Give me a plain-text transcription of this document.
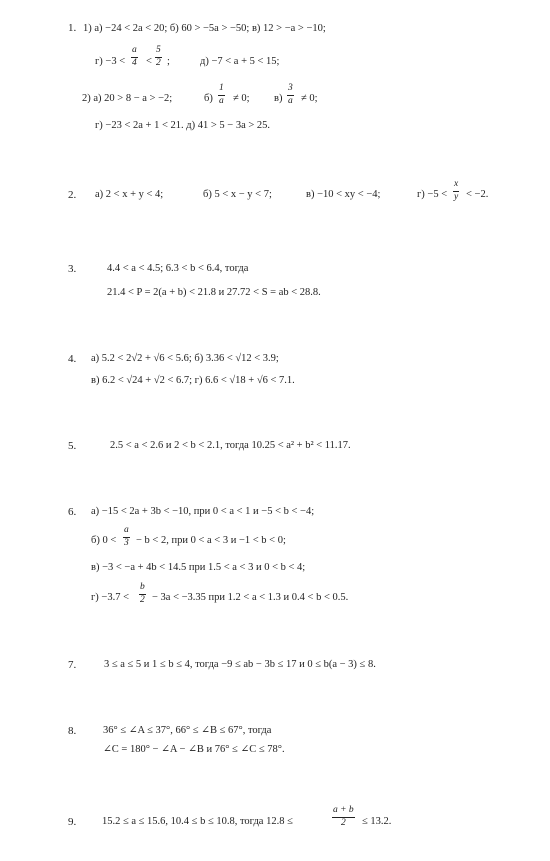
1. 1) а) −24 < 2a < 20; б) 60 > −5a > −50; в) 12 > −a > −10;
$г) -3 < \frac{a}{4} < \frac{5}{2}$ ;	д) −7 < a + 5 < 15;
2) а) 20 > 8 − a > −2;	$б) \frac{1}{a} \ne 0$; $в) \frac{3}{a} \ne 0$;
г) −23 < 2a + 1 < 21. д) 41 > 5 − 3a > 25.
2. а) 2 < x + y < 4;	б) 5 < x − y < 7;	в) −10 < xy < −4;	$г) -5 < \frac{x}{y} < -2$.
3.	4.4 < a < 4.5; 6.3 < b < 6.4, тогда
21.4 < P = 2(a + b) < 21.8 и 27.72 < S = ab < 28.8.
4. а) 5.2 < 2√2 + √6 < 5.6; б) 3.36 < √12 < 3.9;
в) 6.2 < √24 + √2 < 6.7; г) 6.6 < √18 + √6 < 7.1.
5.	2.5 < a < 2.6 и 2 < b < 2.1, тогда 10.25 < a² + b² < 11.17.
6. а) −15 < 2a + 3b < −10, при 0 < a < 1 и −5 < b < −4;
б) $0 < \frac{a}{3} - b < 2$, при 0 < a < 3 и −1 < b < 0;
в) −3 < −a + 4b < 14.5 при 1.5 < a < 3 и 0 < b < 4;
$г) -3.7 < \frac{b}{2} - 3a < -3.35$ при 1.2 < a < 1.3 и 0.4 < b < 0.5.
7.	3 ≤ a ≤ 5 и 1 ≤ b ≤ 4, тогда −9 ≤ ab − 3b ≤ 17 и 0 ≤ b(a − 3) ≤ 8.
8.	36° ≤ ∠A ≤ 37°, 66° ≤ ∠B ≤ 67°, тогда
∠C = 180° − ∠A − ∠B и 76° ≤ ∠C ≤ 78°.
9. 15.2 ≤ a ≤ 15.6, 10.4 ≤ b ≤ 10.8, тогда 12.8 ≤	$\frac{a + b}{2} \le 13.2$.
